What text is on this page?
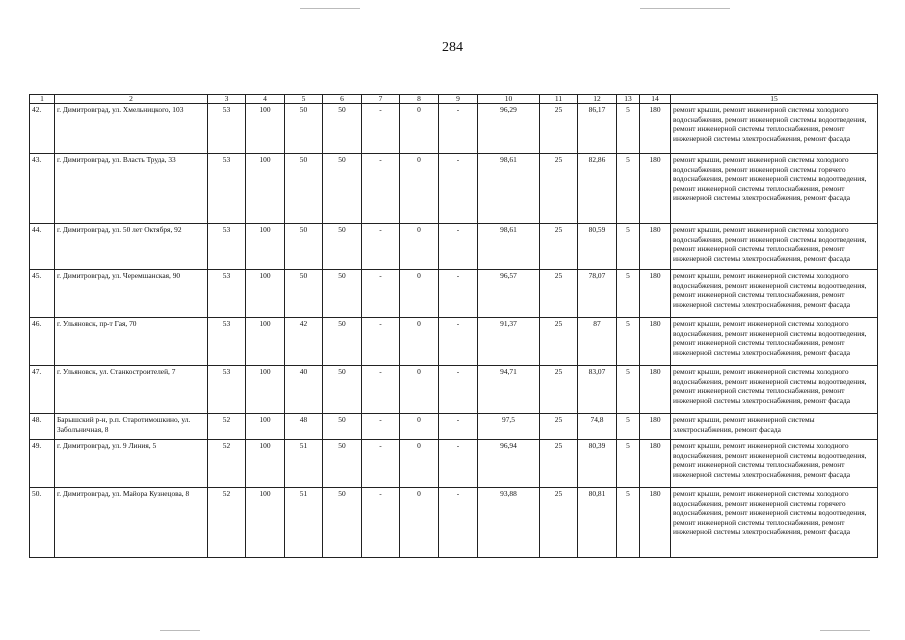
284
1	2	3	4	5	6	7	8	9	10	11	12	13	14	15
42.	г. Димитровград, ул. Хмельницкого, 103	53	100	50	50	-	0	-	96,29	25	86,17	5	180	ремонт крыши, ремонт инженерной системы холодного водоснабжения, ремонт инженерной системы водоотведения, ремонт инженерной системы теплоснабжения, ремонт инженерной системы электроснабжения, ремонт фасада
43.	г. Димитровград, ул. Власть Труда, 33	53	100	50	50	-	0	-	98,61	25	82,86	5	180	ремонт крыши, ремонт инженерной системы холодного водоснабжения, ремонт инженерной системы горячего водоснабжения, ремонт инженерной системы водоотведения, ремонт инженерной системы теплоснабжения, ремонт инженерной системы электроснабжения, ремонт фасада
44.	г. Димитровград, ул. 50 лет Октября, 92	53	100	50	50	-	0	-	98,61	25	80,59	5	180	ремонт крыши, ремонт инженерной системы холодного водоснабжения, ремонт инженерной системы водоотведения, ремонт инженерной системы теплоснабжения, ремонт инженерной системы электроснабжения, ремонт фасада
45.	г. Димитровград, ул. Черемшанская, 90	53	100	50	50	-	0	-	96,57	25	78,07	5	180	ремонт крыши, ремонт инженерной системы холодного водоснабжения, ремонт инженерной системы водоотведения, ремонт инженерной системы теплоснабжения, ремонт инженерной системы электроснабжения, ремонт фасада
46.	г. Ульяновск, пр-т Гая, 70	53	100	42	50	-	0	-	91,37	25	87	5	180	ремонт крыши, ремонт инженерной системы холодного водоснабжения, ремонт инженерной системы водоотведения, ремонт инженерной системы теплоснабжения, ремонт инженерной системы электроснабжения, ремонт фасада
47.	г. Ульяновск, ул. Станкостроителей, 7	53	100	40	50	-	0	-	94,71	25	83,07	5	180	ремонт крыши, ремонт инженерной системы холодного водоснабжения, ремонт инженерной системы водоотведения, ремонт инженерной системы теплоснабжения, ремонт инженерной системы электроснабжения, ремонт фасада
48.	Барышский р-н, р.п. Старотимошкино, ул. Заболъничная, 8	52	100	48	50	-	0	-	97,5	25	74,8	5	180	ремонт крыши, ремонт инженерной системы электроснабжения, ремонт фасада
49.	г. Димитровград, ул. 9 Линия, 5	52	100	51	50	-	0	-	96,94	25	80,39	5	180	ремонт крыши, ремонт инженерной системы холодного водоснабжения, ремонт инженерной системы водоотведения, ремонт инженерной системы теплоснабжения, ремонт инженерной системы электроснабжения, ремонт фасада
50.	г. Димитровград, ул. Майора Кузнецова, 8	52	100	51	50	-	0	-	93,88	25	80,81	5	180	ремонт крыши, ремонт инженерной системы холодного водоснабжения, ремонт инженерной системы горячего водоснабжения, ремонт инженерной системы водоотведения, ремонт инженерной системы теплоснабжения, ремонт инженерной системы электроснабжения, ремонт фасада
